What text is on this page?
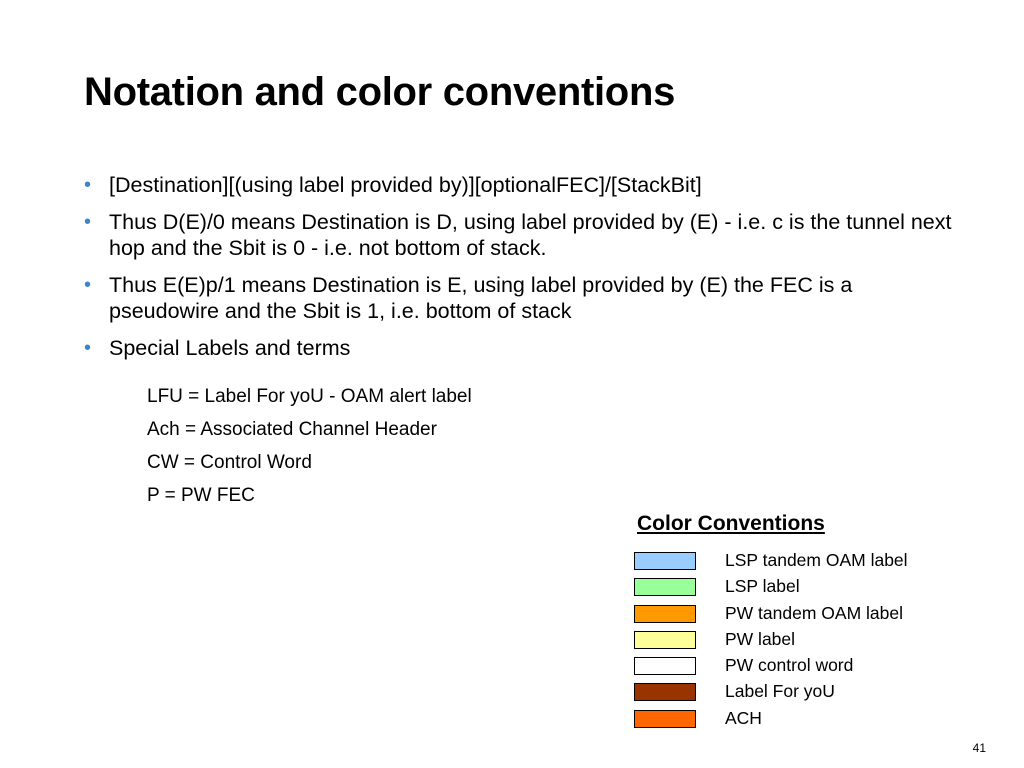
Notation and color conventions
• [Destination][(using label provided by)][optionalFEC]/[StackBit]
• Thus D(E)/0 means Destination is D, using label provided by (E) - i.e. c is the tunnel next hop and the Sbit is 0 - i.e. not bottom of stack.
• Thus E(E)p/1 means Destination is E, using label provided by (E) the FEC is a pseudowire and the Sbit is 1, i.e. bottom of stack
• Special Labels and terms
LFU = Label For yoU - OAM alert label
Ach = Associated Channel Header
CW = Control Word
P = PW FEC
Color Conventions
LSP tandem OAM label
LSP label
PW tandem OAM label
PW label
PW control word
Label For yoU
ACH
41
